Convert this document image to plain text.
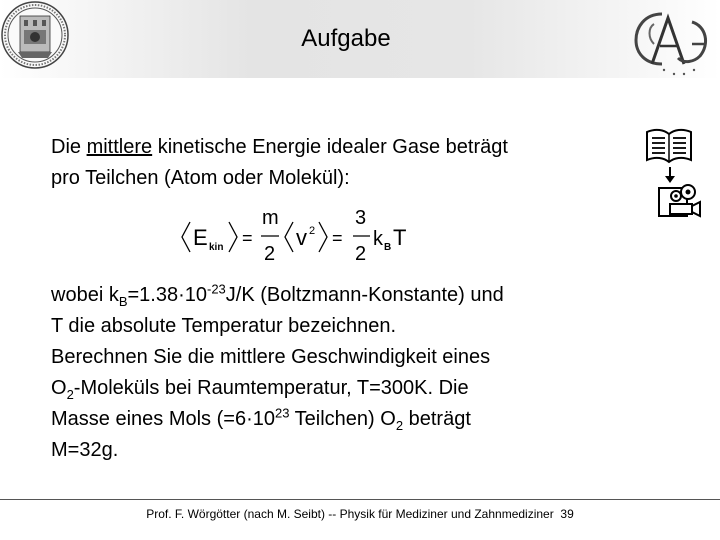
Aufgabe

Die mittlere kinetische Energie idealer Gase beträgt

pro Teilchen (Atom oder Molekül):

E kin =
m
2
v 2 =
3
2
k B T

wobei $k_B=1.38\cdot 10^{-23}J/K$ (Boltzmann-Konstante) und

T die absolute Temperatur bezeichnen.

Berechnen Sie die mittlere Geschwindigkeit eines

$O_2$-Moleküls bei Raumtemperatur, T=300K. Die

Masse eines Mols ($=6\cdot 10^{23}$ Teilchen) $O_2$ beträgt

M=32g.

Prof. F. Wörgötter (nach M. Seibt) -- Physik für Mediziner und Zahnmediziner 39
